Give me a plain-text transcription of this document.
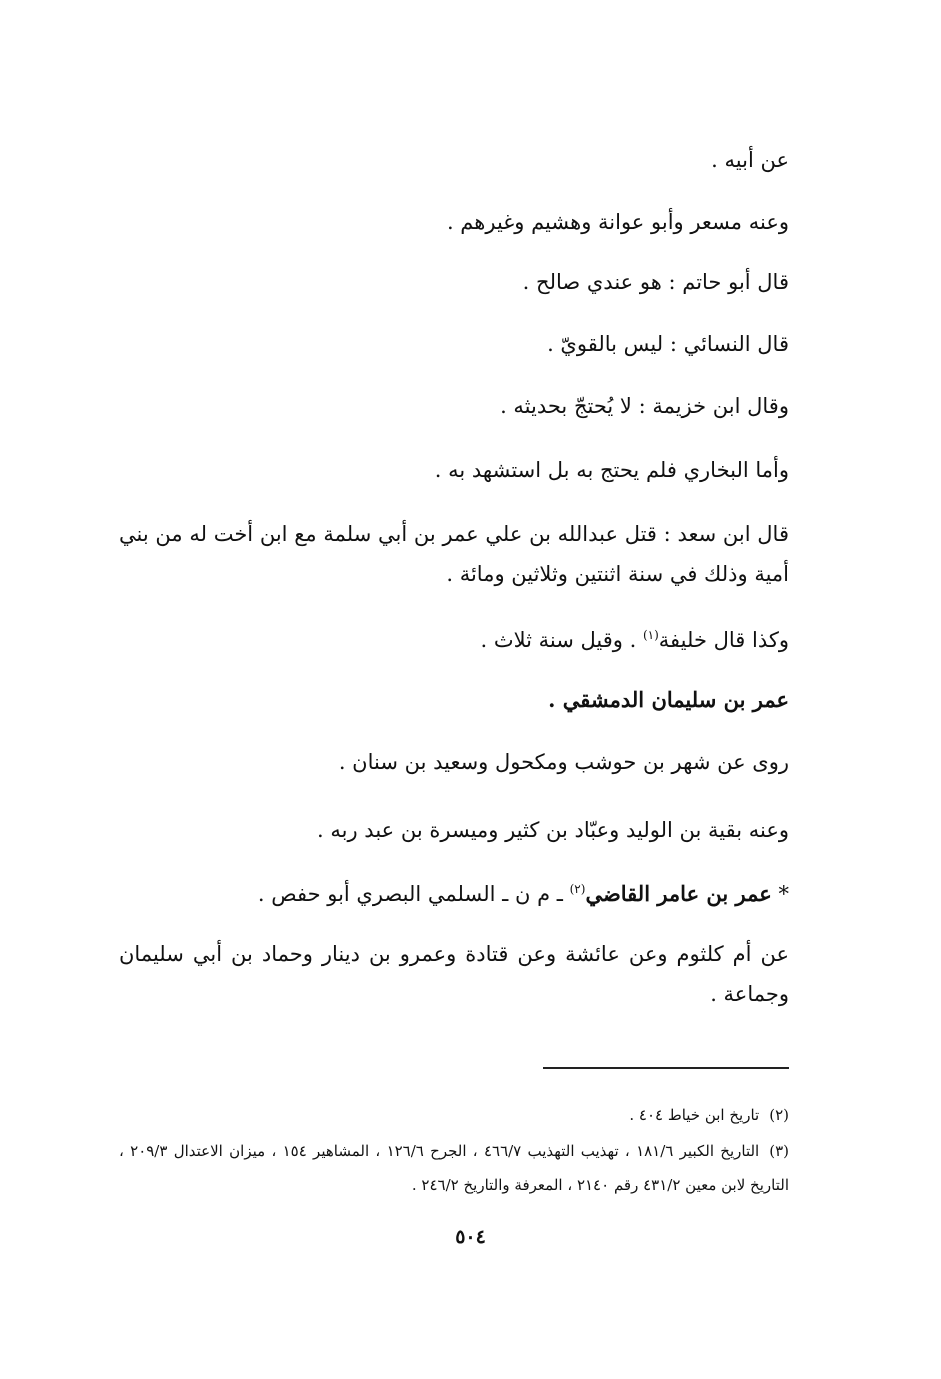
عن أبيه .
وعنه مسعر وأبو عوانة وهشيم وغيرهم .
قال أبو حاتم : هو عندي صالح .
قال النسائي : ليس بالقويّ .
وقال ابن خزيمة : لا يُحتجّ بحديثه .
وأما البخاري فلم يحتج به بل استشهد به .
قال ابن سعد : قتل عبدالله بن علي عمر بن أبي سلمة مع ابن أخت له من بني أمية وذلك في سنة اثنتين وثلاثين ومائة .
وكذا قال خليفة$^{(١)}$ . وقيل سنة ثلاث .
عمر بن سليمان الدمشقي .
روى عن شهر بن حوشب ومكحول وسعيد بن سنان .
وعنه بقية بن الوليد وعبّاد بن كثير وميسرة بن عبد ربه .
* عمر بن عامر القاضي$^{(٢)}$ ـ م ن ـ السلمي البصري أبو حفص .
عن أم كلثوم وعن عائشة وعن قتادة وعمرو بن دينار وحماد بن أبي سليمان وجماعة .
(٢)تاريخ ابن خياط ٤٠٤ .
(٣)التاريخ الكبير ١٨١/٦ ، تهذيب التهذيب ٤٦٦/٧ ، الجرح ١٢٦/٦ ، المشاهير ١٥٤ ، ميزان الاعتدال ٢٠٩/٣ ، التاريخ لابن معين ٤٣١/٢ رقم ٢١٤٠ ، المعرفة والتاريخ ٢٤٦/٢ .
٥٠٤
